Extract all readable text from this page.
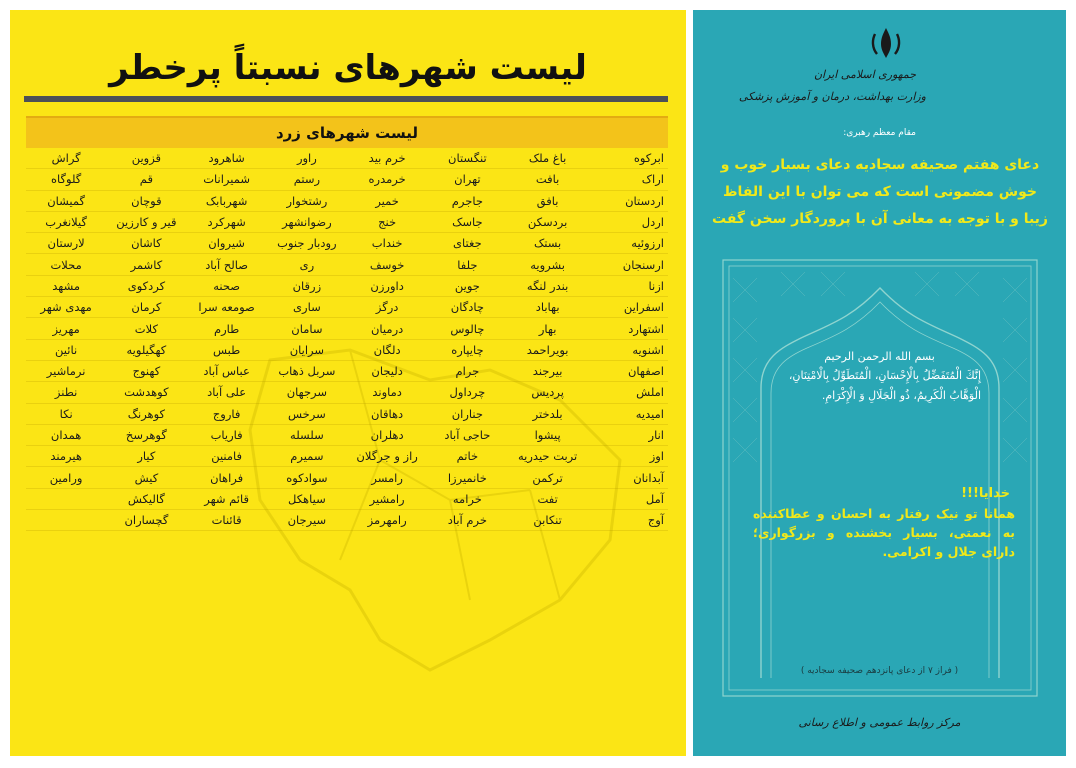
لیست شهرهای نسبتاً پرخطر
لیست شهرهای زرد
ابرکوه	باغ ملک	تنگستان	خرم بید	راور	شاهرود	قزوین	گراش
اراک	بافت	تهران	خرمدره	رستم	شمیرانات	قم	گلوگاه
اردستان	بافق	جاجرم	خمیر	رشتخوار	شهربابک	قوچان	گمیشان
اردل	بردسکن	جاسک	خنج	رضوانشهر	شهرکرد	قیر و کارزین	گیلانغرب
ارزوئیه	بستک	جغتای	خنداب	رودبار جنوب	شیروان	کاشان	لارستان
ارسنجان	بشرویه	جلفا	خوسف	ری	صالح آباد	کاشمر	محلات
ازنا	بندر لنگه	جوین	داورزن	زرقان	صحنه	کردکوی	مشهد
اسفراین	بهاباد	چادگان	درگز	ساری	صومعه سرا	کرمان	مهدی شهر
اشتهارد	بهار	چالوس	درمیان	سامان	طارم	کلات	مهریز
اشنویه	بویراحمد	چایپاره	دلگان	سرایان	طبس	کهگیلویه	نائین
اصفهان	بیرجند	جرام	دلیجان	سربل ذهاب	عباس آباد	کهنوج	نرماشیر
املش	پردیس	چرداول	دماوند	سرجهان	علی آباد	کوهدشت	نطنز
امیدیه	بلدختر	جناران	دهاقان	سرخس	فاروج	کوهرنگ	نکا
انار	پیشوا	حاجی آباد	دهلران	سلسله	فاریاب	گوهرسخ	همدان
اوز	تربت حیدریه	خاتم	راز و جرگلان	سمیرم	فامنین	کیار	هیرمند
آبدانان	ترکمن	خانمیرزا	رامسر	سوادکوه	فراهان	کیش	ورامین
آمل	تفت	خرامه	رامشیر	سیاهکل	قائم شهر	گالیکش	
آوج	تنکابن	خرم آباد	رامهرمز	سیرجان	قائنات	گچساران	
جمهوری اسلامی ایران
وزارت بهداشت، درمان و آموزش پزشکی
مقام معظم رهبری:
دعای هفتم صحیفه سجادیه دعای بسیار خوب و خوش مضمونی است که می توان با این الفاظ زیبا و با توجه به معانی آن با پروردگار سخن گفت
بسم الله الرحمن الرحیم
إِنَّكَ الْمُتَفَضِّلُ بِالْإِحْسَانِ، الْمُتَطَوِّلُ بِالْامْتِنَانِ، الْوَهَّابُ الْكَرِيمُ، ذُو الْجَلَالِ وَ الْإِكْرَامِ.
خدایا!!!
همانا تو نیک رفتار به احسان و عطاکننده به نعمتی، بسیار بخشنده و بزرگواری؛ دارای جلال و اکرامی.
( فراز ۷ از دعای پانزدهم صحیفه سجادیه )
مرکز روابط عمومی و اطلاع رسانی
